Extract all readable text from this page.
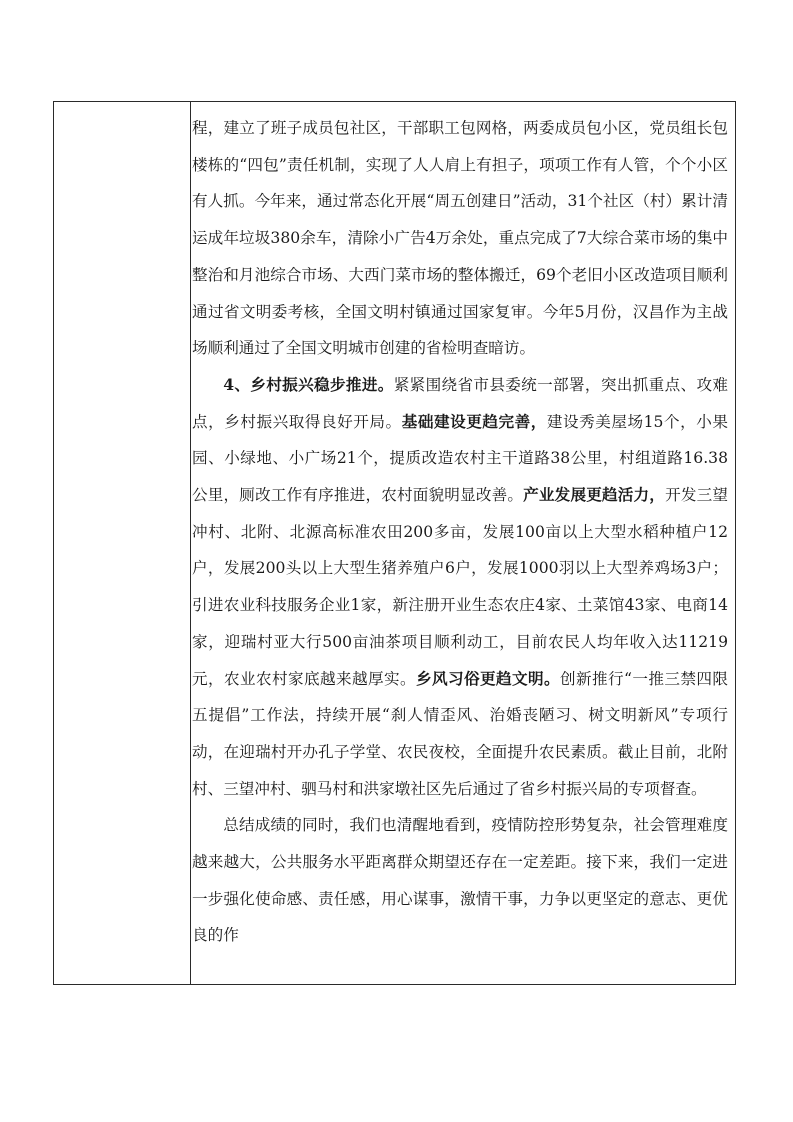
程，建立了班子成员包社区，干部职工包网格，两委成员包小区，党员组长包楼栋的“四包”责任机制，实现了人人肩上有担子，项项工作有人管，个个小区有人抓。今年来，通过常态化开展“周五创建日”活动，31个社区（村）累计清运成年垃圾380余车，清除小广告4万余处，重点完成了7大综合菜市场的集中整治和月池综合市场、大西门菜市场的整体搬迁，69个老旧小区改造项目顺利通过省文明委考核，全国文明村镇通过国家复审。今年5月份，汉昌作为主战场顺利通过了全国文明城市创建的省检明查暗访。

4、乡村振兴稳步推进。紧紧围绕省市县委统一部署，突出抓重点、攻难点，乡村振兴取得良好开局。基础建设更趋完善，建设秀美屋场15个，小果园、小绿地、小广场21个，提质改造农村主干道路38公里，村组道路16.38公里，厕改工作有序推进，农村面貌明显改善。产业发展更趋活力，开发三望冲村、北附、北源高标准农田200多亩，发展100亩以上大型水稻种植户12户，发展200头以上大型生猪养殖户6户，发展1000羽以上大型养鸡场3户；引进农业科技服务企业1家，新注册开业生态农庄4家、土菜馆43家、电商14家，迎瑞村亚大行500亩油茶项目顺利动工，目前农民人均年收入达11219元，农业农村家底越来越厚实。乡风习俗更趋文明。创新推行“一推三禁四限五提倡”工作法，持续开展“刹人情歪风、治婚丧陋习、树文明新风”专项行动，在迎瑞村开办孔子学堂、农民夜校，全面提升农民素质。截止目前，北附村、三望冲村、驷马村和洪家墩社区先后通过了省乡村振兴局的专项督查。

总结成绩的同时，我们也清醒地看到，疫情防控形势复杂，社会管理难度越来越大，公共服务水平距离群众期望还存在一定差距。接下来，我们一定进一步强化使命感、责任感，用心谋事，激情干事，力争以更坚定的意志、更优良的作
